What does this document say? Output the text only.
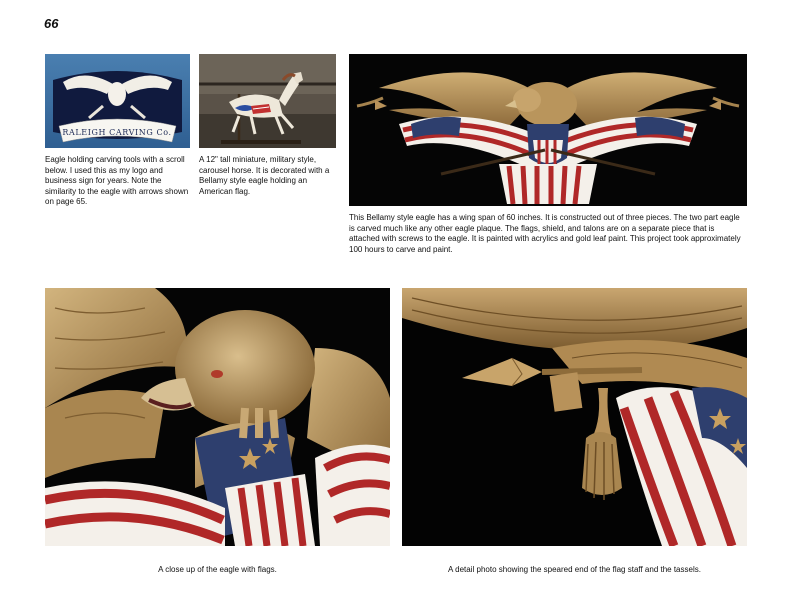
66
RALEIGH CARVING Co.
Eagle holding carving tools with a scroll below. I used this as my logo and business sign for years. Note the similarity to the eagle with arrows shown on page 65.
A 12" tall miniature, military style, carousel horse. It is decorated with a Bellamy style eagle holding an American flag.
This Bellamy style eagle has a wing span of 60 inches. It is constructed out of three pieces. The two part eagle is carved much like any other eagle plaque. The flags, shield, and talons are on a separate piece that is attached with screws to the eagle. It is painted with acrylics and gold leaf paint. This project took approximately 100 hours to carve and paint.
A close up of the eagle with flags.	A detail photo showing the speared end of the flag staff and the tassels.
